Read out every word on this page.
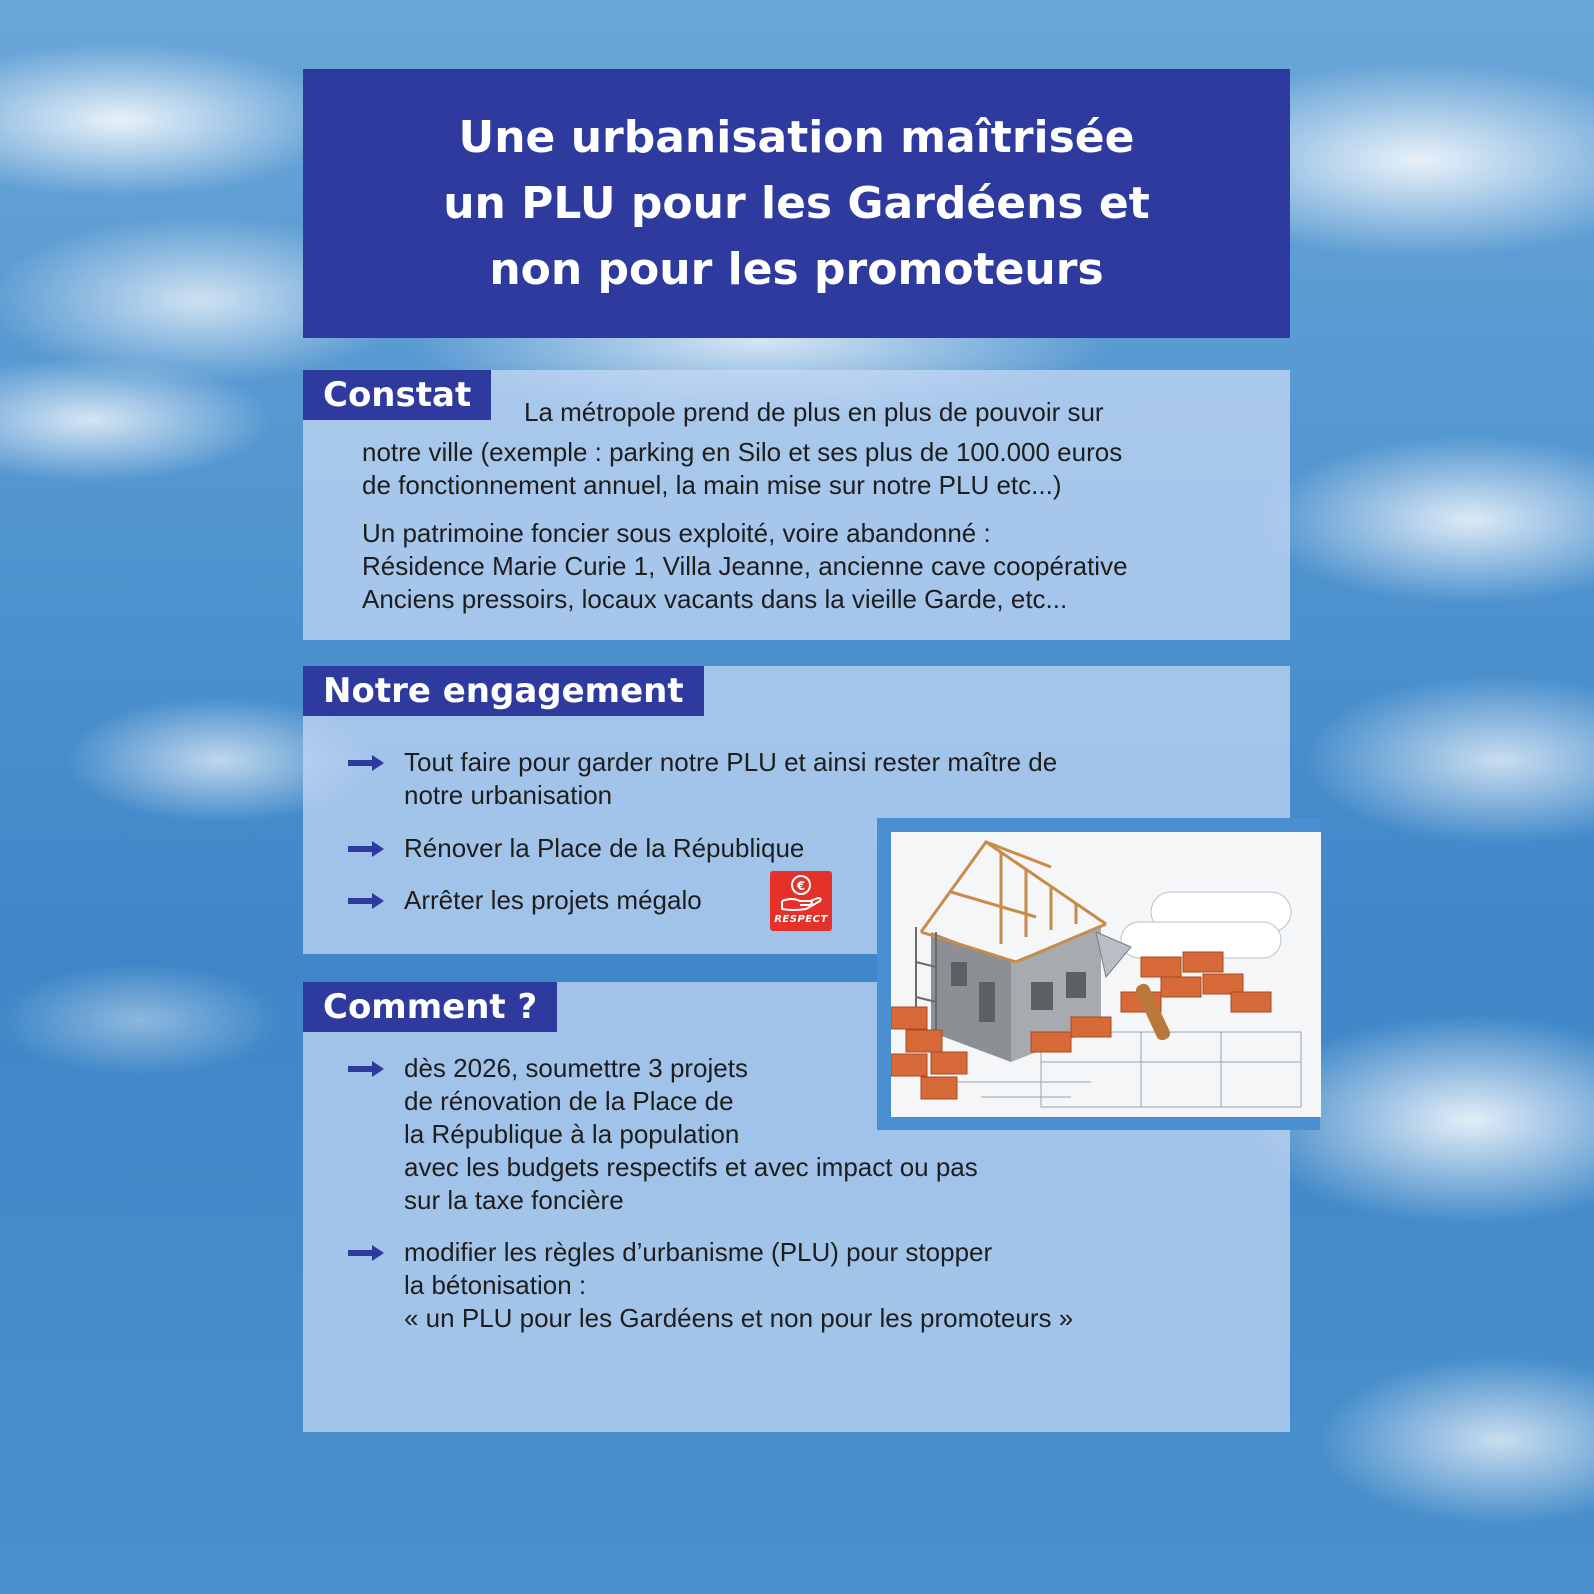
Une urbanisation maîtrisée
un PLU pour les Gardéens et
non pour les promoteurs
Constat	La métropole prend de plus en plus de pouvoir sur
notre ville (exemple : parking en Silo et ses plus de 100.000 euros
de fonctionnement annuel, la main mise sur notre PLU etc...)
Un patrimoine foncier sous exploité, voire abandonné :
Résidence Marie Curie 1, Villa Jeanne, ancienne cave coopérative
Anciens pressoirs, locaux vacants dans la vieille Garde, etc...
Notre engagement
Tout faire pour garder notre PLU et ainsi rester maître de
notre urbanisation
Rénover la Place de la République
Arrêter les projets mégalo	€
RESPECT
Comment ?
dès 2026, soumettre 3 projets
de rénovation de la Place de
la République à la population
avec les budgets respectifs et avec impact ou pas
sur la taxe foncière
modifier les règles d’urbanisme (PLU) pour stopper
la bétonisation :
« un PLU pour les Gardéens et non pour les promoteurs »
